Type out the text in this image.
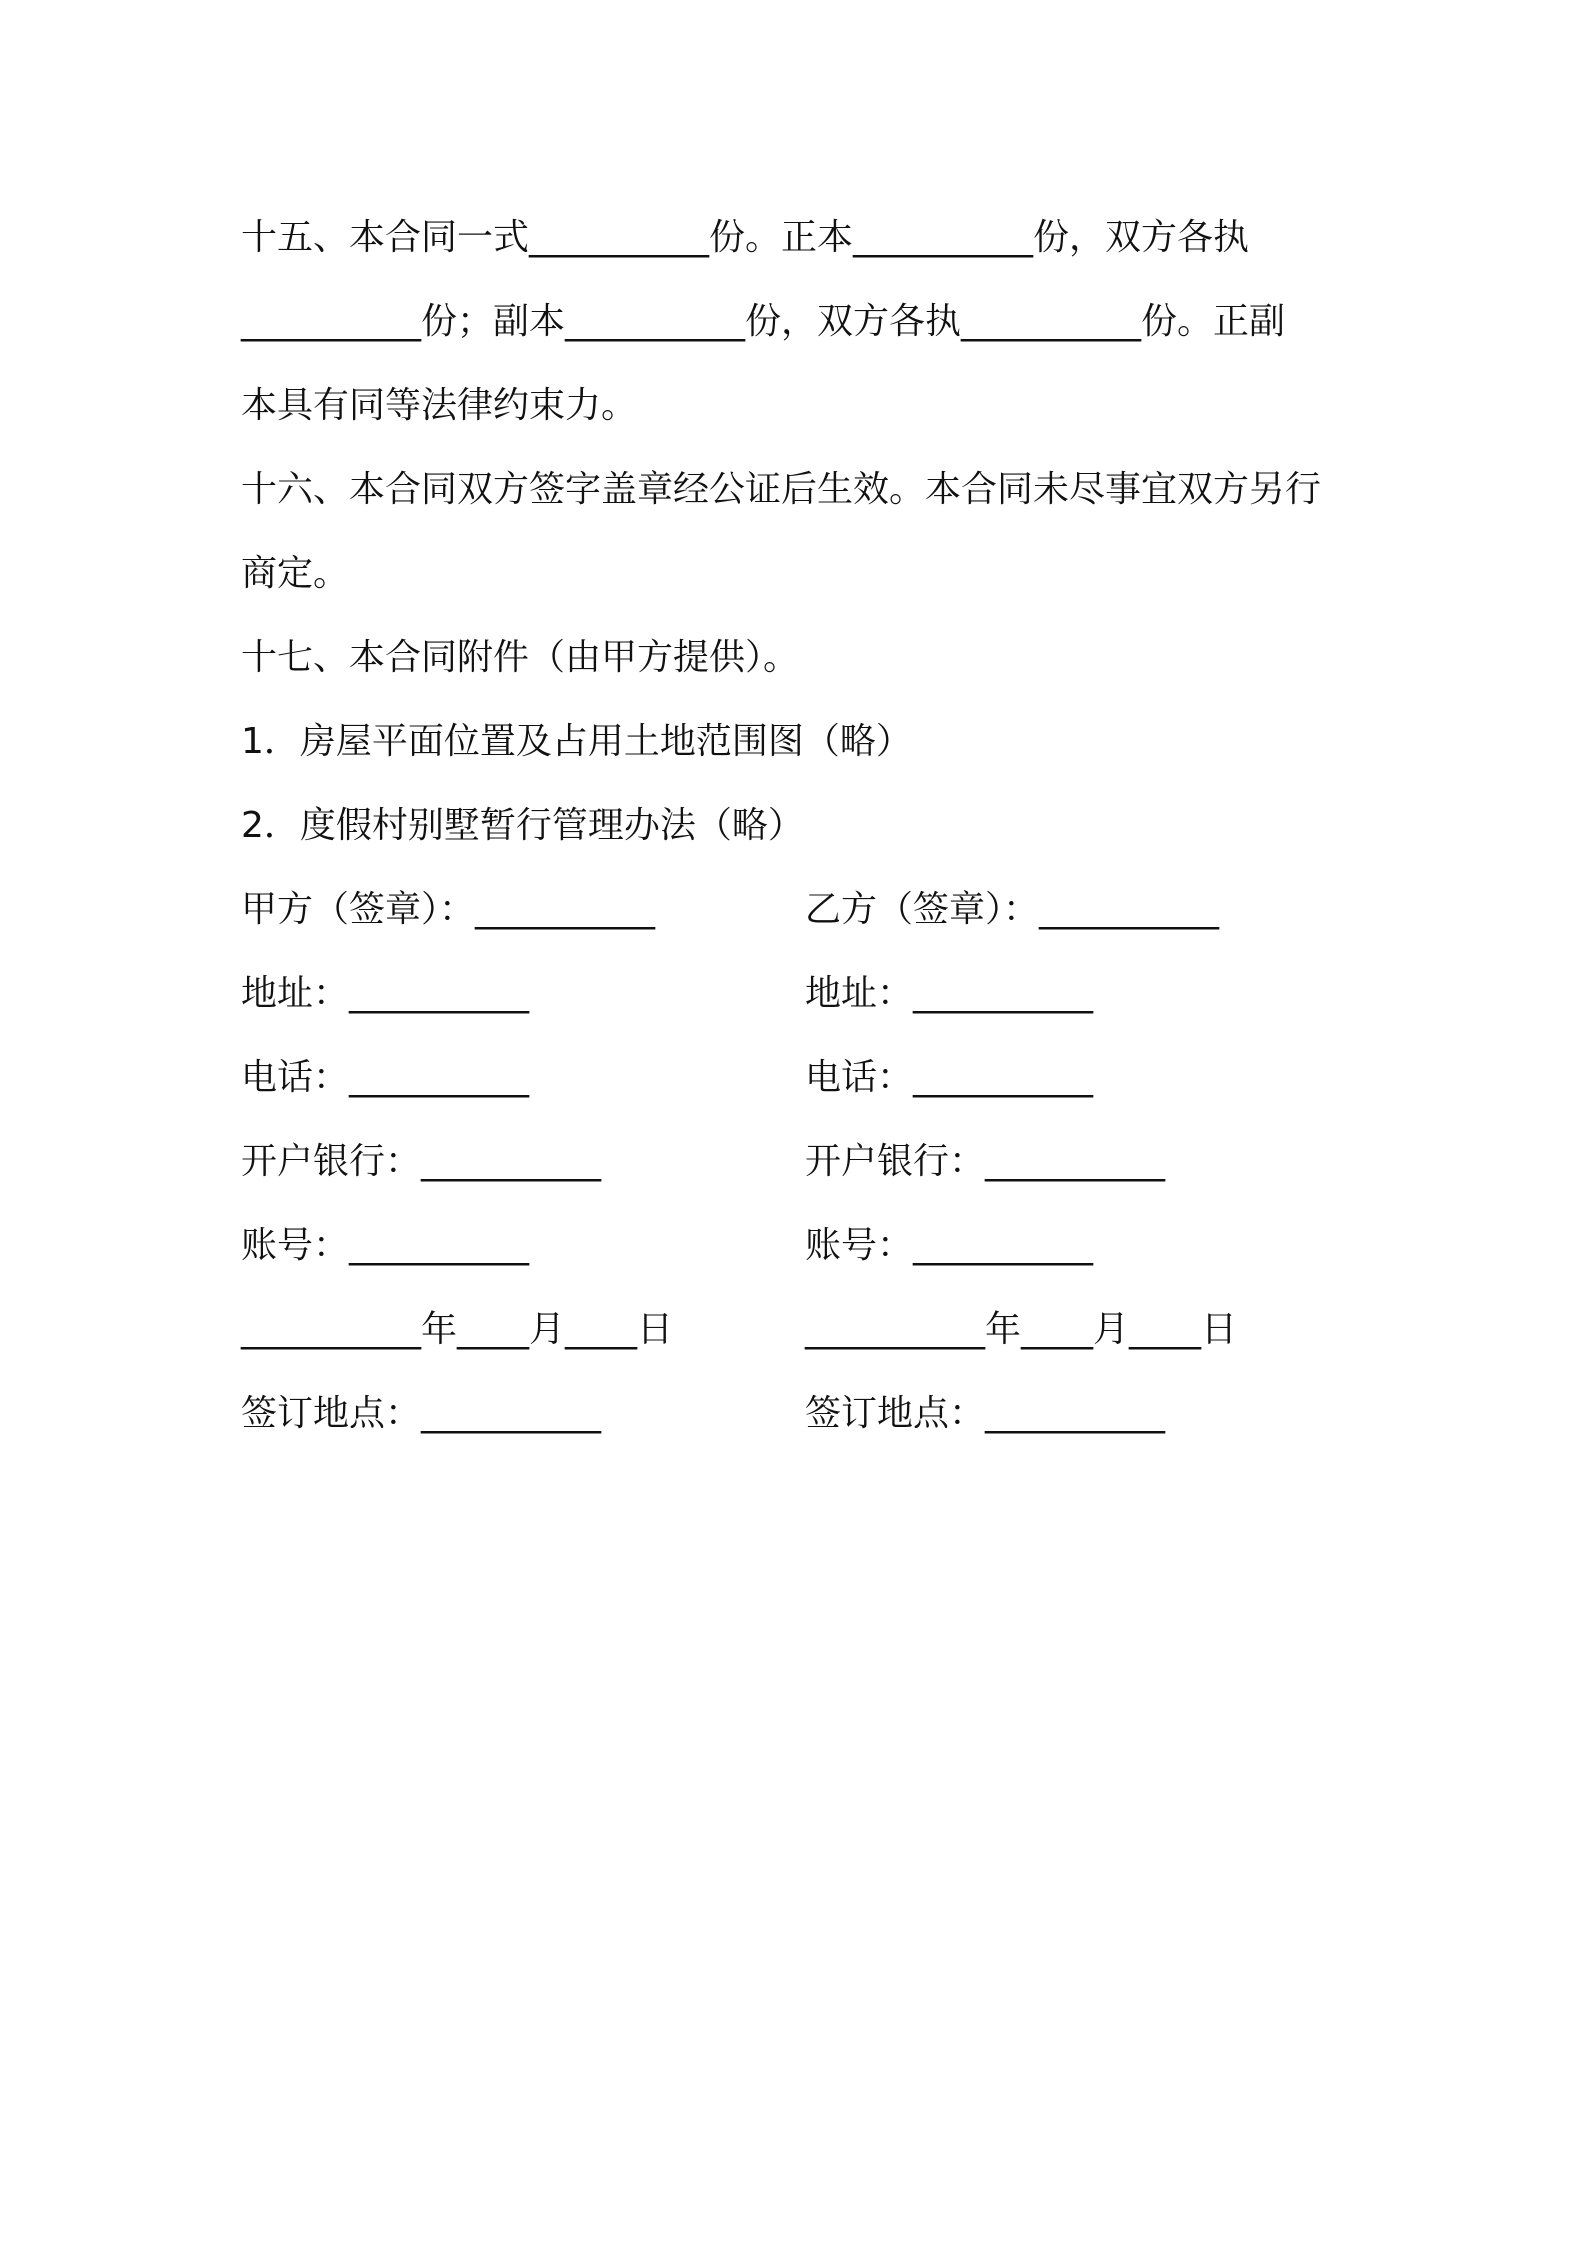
十五、本合同一式__________份。正本__________份，双方各执
__________份；副本__________份，双方各执__________份。正副
本具有同等法律约束力。
十六、本合同双方签字盖章经公证后生效。本合同未尽事宜双方另行
商定。
十七、本合同附件（由甲方提供）。
1．房屋平面位置及占用土地范围图（略）
2．度假村别墅暂行管理办法（略）
甲方（签章）：__________	乙方（签章）：__________
地址：__________	地址：__________
电话：__________	电话：__________
开户银行：__________	开户银行：__________
账号：__________	账号：__________
__________年____月____日	__________年____月____日
签订地点：__________	签订地点：__________
